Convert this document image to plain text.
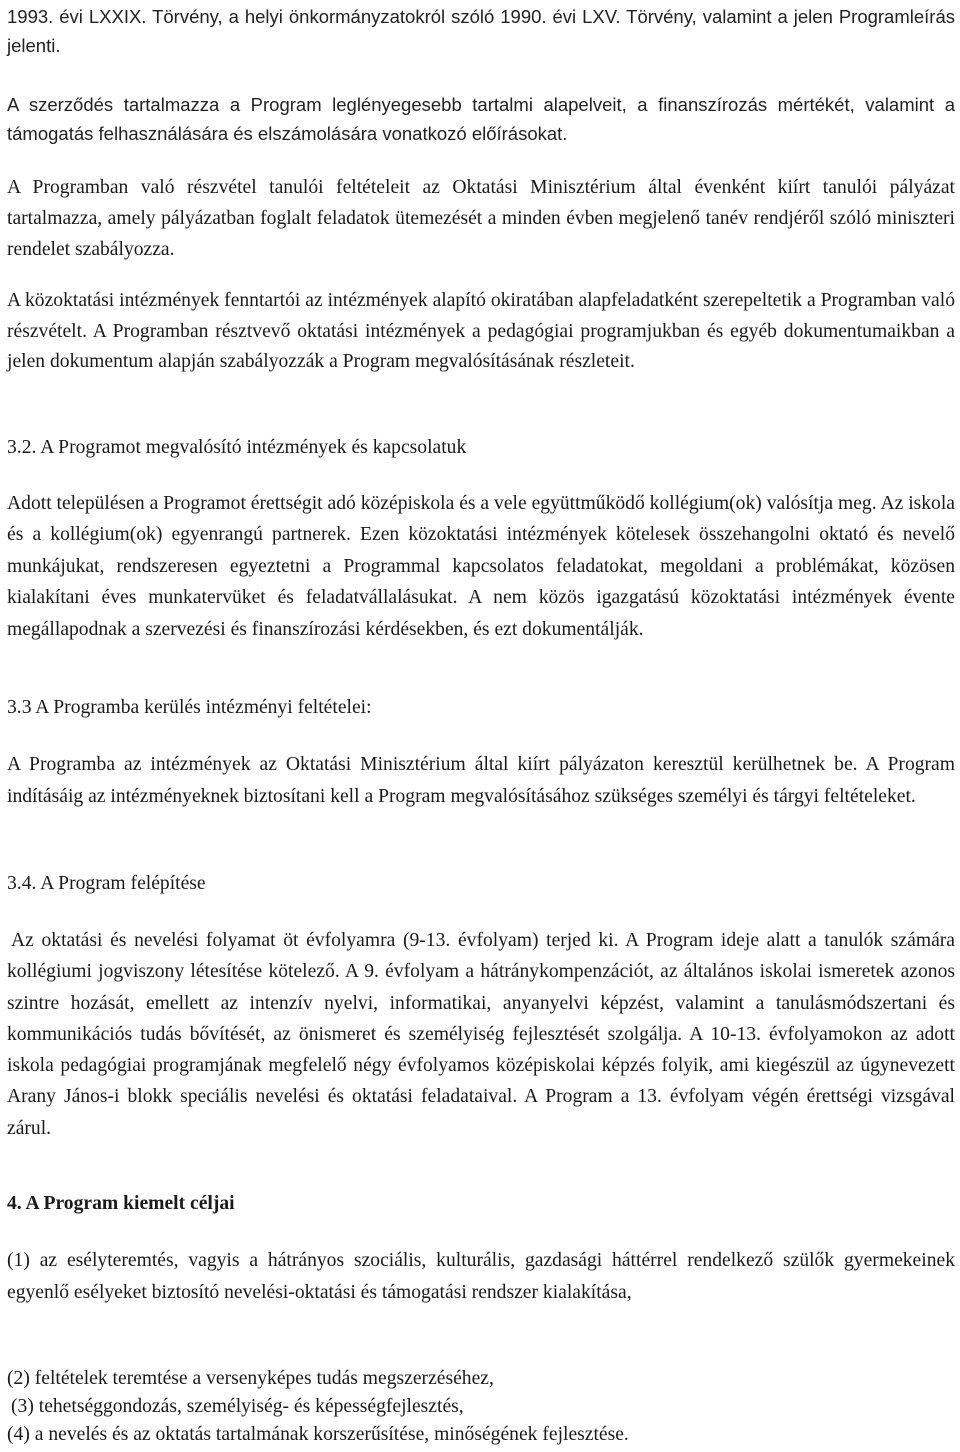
1993. évi LXXIX. Törvény, a helyi önkormányzatokról szóló 1990. évi LXV. Törvény, valamint a jelen Programleírás jelenti.

A szerződés tartalmazza a Program leglényegesebb tartalmi alapelveit, a finanszírozás mértékét, valamint a támogatás felhasználására és elszámolására vonatkozó előírásokat.

A Programban való részvétel tanulói feltételeit az Oktatási Minisztérium által évenként kiírt tanulói pályázat tartalmazza, amely pályázatban foglalt feladatok ütemezését a minden évben megjelenő tanév rendjéről szóló miniszteri rendelet szabályozza.

A közoktatási intézmények fenntartói az intézmények alapító okiratában alapfeladatként szerepeltetik a Programban való részvételt. A Programban résztvevő oktatási intézmények a pedagógiai programjukban és egyéb dokumentumaikban a jelen dokumentum alapján szabályozzák a Program megvalósításának részleteit.

3.2. A Programot megvalósító intézmények és kapcsolatuk

Adott településen a Programot érettségit adó középiskola és a vele együttműködő kollégium(ok) valósítja meg. Az iskola és a kollégium(ok) egyenrangú partnerek. Ezen közoktatási intézmények kötelesek összehangolni oktató és nevelő munkájukat, rendszeresen egyeztetni a Programmal kapcsolatos feladatokat, megoldani a problémákat, közösen kialakítani éves munkatervüket és feladatvállalásukat. A nem közös igazgatású közoktatási intézmények évente megállapodnak a szervezési és finanszírozási kérdésekben, és ezt dokumentálják.

3.3 A Programba kerülés intézményi feltételei:

A Programba az intézmények az Oktatási Minisztérium által kiírt pályázaton keresztül kerülhetnek be. A Program indításáig az intézményeknek biztosítani kell a Program megvalósításához szükséges személyi és tárgyi feltételeket.

3.4. A Program felépítése

Az oktatási és nevelési folyamat öt évfolyamra (9-13. évfolyam) terjed ki. A Program ideje alatt a tanulók számára kollégiumi jogviszony létesítése kötelező. A 9. évfolyam a hátránykompenzációt, az általános iskolai ismeretek azonos szintre hozását, emellett az intenzív nyelvi, informatikai, anyanyelvi képzést, valamint a tanulásmódszertani és kommunikációs tudás bővítését, az önismeret és személyiség fejlesztését szolgálja. A 10-13. évfolyamokon az adott iskola pedagógiai programjának megfelelő négy évfolyamos középiskolai képzés folyik, ami kiegészül az úgynevezett Arany János-i blokk speciális nevelési és oktatási feladataival. A Program a 13. évfolyam végén érettségi vizsgával zárul.

4. A Program kiemelt céljai

(1) az esélyteremtés, vagyis a hátrányos szociális, kulturális, gazdasági háttérrel rendelkező szülők gyermekeinek egyenlő esélyeket biztosító nevelési-oktatási és támogatási rendszer kialakítása,

(2) feltételek teremtése a versenyképes tudás megszerzéséhez,

(3) tehetséggondozás, személyiség- és képességfejlesztés,

(4) a nevelés és az oktatás tartalmának korszerűsítése, minőségének fejlesztése.
